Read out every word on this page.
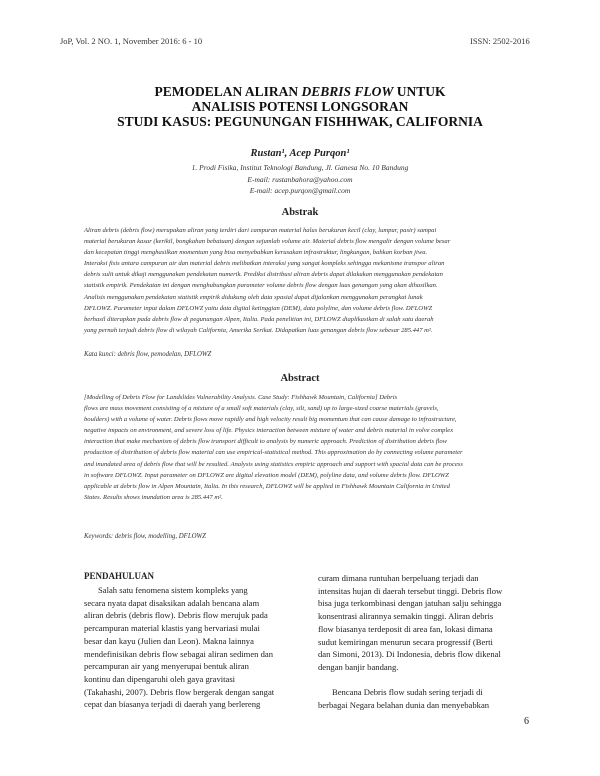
JoP, Vol. 2 NO. 1, November 2016: 6 - 10	ISSN: 2502-2016
PEMODELAN ALIRAN DEBRIS FLOW UNTUK
ANALISIS POTENSI LONGSORAN
STUDI KASUS: PEGUNUNGAN FISHHWAK, CALIFORNIA
Rustan¹, Acep Purqon¹
1. Prodi Fisika, Institut Teknologi Bandung, Jl. Ganesa No. 10 Bandung
E-mail: rustanbahora@yahoo.com
E-mail: acep.purqon@gmail.com
Abstrak
Aliran debris (debris flow) merupakan aliran yang terdiri dari campuran material halus berukuran kecil (clay, lumpur, pasir) sampai
material berukuran kasar (kerikil, bongkahan bebatuan) dengan sejumlah volume air. Material debris flow mengalir dengan volume besar
dan kecepatan tinggi menghasilkan momentum yang bisa menyebabkan kerusakan infrastruktur, lingkungan, bahkan korban jiwa.
Interaksi fisis antara campuran air dan material debris melibatkan interaksi yang sangat kompleks sehingga mekanisme transpor aliran
debris sulit untuk dikaji menggunakan pendekatan numerik. Prediksi distribusi aliran debris dapat dilakukan menggunakan pendekatan
statistik empirik. Pendekatan ini dengan menghubungkan parameter volume debris flow dengan luas genangan yang akan dihasilkan.
Analisis menggunakan pendekatan statistik empirik didukung oleh data spasial dapat dijalankan menggunakan perangkat lunak
DFLOWZ. Parameter input dalam DFLOWZ yaitu data digital ketinggian (DEM), data polyline, dan volume debris flow. DFLOWZ
berhasil diterapkan pada debris flow di pegunungan Alpen, Italia. Pada penelitian ini, DFLOWZ diaplikasikan di salah satu daerah
yang pernah terjadi debris flow di wilayah California, Amerika Serikat. Didapatkan luas genangan debris flow sebesar 285.447 m².
Kata kunci: debris flow, pemodelan, DFLOWZ
Abstract
[Modelling of Debris Flow for Landslides Vulnerability Analysis. Case Study: Fishhawk Mountain, California] Debris
flows are mass movement consisting of a mixture of a small soft materials (clay, silt, sand) up to large-sized coarse materials (gravels,
boulders) with a volume of water. Debris flows move rapidly and high velocity result big momentum that can cause damage to infrastructure,
negative impacts on environment, and severe loss of life. Physics interaction between mixture of water and debris material in volve complex
interaction that make mechanism of debris flow transport difficult to analysis by numeric approach. Prediction of distribution debris flow
production of distribution of debris flow material can use empirical-statistical method. This approximation do by connecting volume parameter
and inundated area of debris flow that will be resulted. Analysis using statistics empiric approach and support with spacial data can be process
in software DFLOWZ. Input parameter on DFLOWZ are digital elevation model (DEM), polyline data, and volume debris flow. DFLOWZ
applicable at debris flow in Alpen Mountain, Italia. In this research, DFLOWZ will be applied in Fishhawk Mountain California in United
States. Results shows inundation area is 285.447 m².
Keywords: debris flow, modelling, DFLOWZ
PENDAHULUAN
Salah satu fenomena sistem kompleks yang
secara nyata dapat disaksikan adalah bencana alam
aliran debris (debris flow). Debris flow merujuk pada
percampuran material klastis yang bervariasi mulai
besar dan kayu (Julien dan Leon). Makna lainnya
mendefinisikan debris flow sebagai aliran sedimen dan
percampuran air yang menyerupai bentuk aliran
kontinu dan dipengaruhi oleh gaya gravitasi
(Takahashi, 2007). Debris flow bergerak dengan sangat
cepat dan biasanya terjadi di daerah yang berlereng
curam dimana runtuhan berpeluang terjadi dan
intensitas hujan di daerah tersebut tinggi. Debris flow
bisa juga terkombinasi dengan jatuhan salju sehingga
konsentrasi alirannya semakin tinggi. Aliran debris
flow biasanya terdeposit di area fan, lokasi dimana
sudut kemiringan menurun secara progressif (Berti
dan Simoni, 2013). Di Indonesia, debris flow dikenal
dengan banjir bandang.
Bencana Debris flow sudah sering terjadi di
berbagai Negara belahan dunia dan menyebabkan
6
